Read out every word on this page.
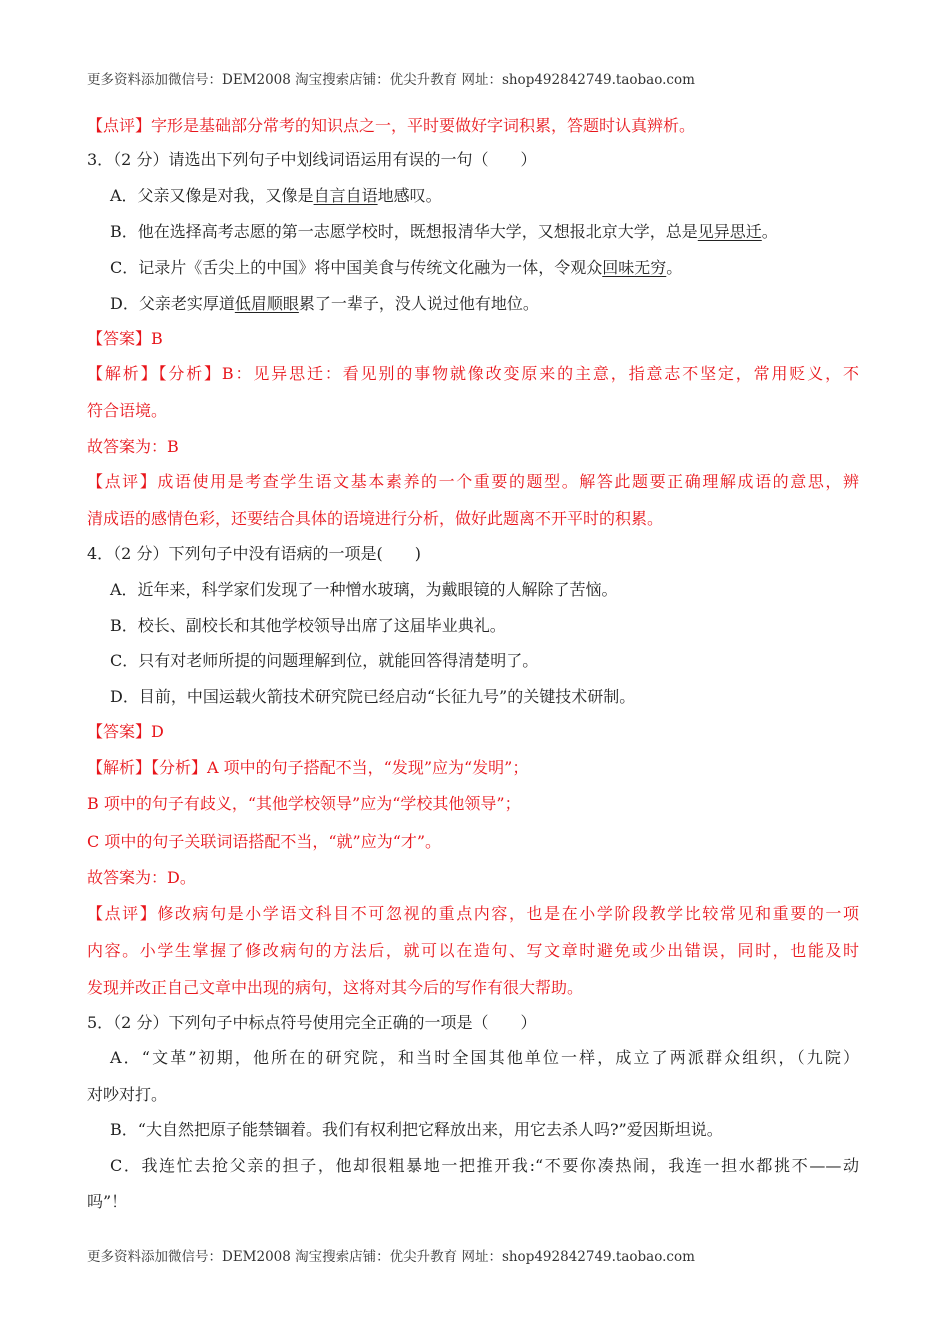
更多资料添加微信号：DEM2008 淘宝搜索店铺：优尖升教育 网址：shop492842749.taobao.com
【点评】字形是基础部分常考的知识点之一，平时要做好字词积累，答题时认真辨析。
3．（2 分）请选出下列句子中划线词语运用有误的一句（　　）
A．父亲又像是对我，又像是自言自语地感叹。
B．他在选择高考志愿的第一志愿学校时，既想报清华大学，又想报北京大学，总是见异思迁。
C．记录片《舌尖上的中国》将中国美食与传统文化融为一体，令观众回味无穷。
D．父亲老实厚道低眉顺眼累了一辈子，没人说过他有地位。
【答案】B
【解析】【分析】B：见异思迁：看见别的事物就像改变原来的主意，指意志不坚定，常用贬义，不
符合语境。
故答案为：B
【点评】成语使用是考查学生语文基本素养的一个重要的题型。解答此题要正确理解成语的意思，辨
清成语的感情色彩，还要结合具体的语境进行分析，做好此题离不开平时的积累。
4．（2 分）下列句子中没有语病的一项是(　　)
A．近年来，科学家们发现了一种憎水玻璃，为戴眼镜的人解除了苦恼。
B．校长、副校长和其他学校领导出席了这届毕业典礼。
C．只有对老师所提的问题理解到位，就能回答得清楚明了。
D．目前，中国运载火箭技术研究院已经启动“长征九号”的关键技术研制。
【答案】D
【解析】【分析】A 项中的句子搭配不当，“发现”应为“发明”；
B 项中的句子有歧义，“其他学校领导”应为“学校其他领导”；
C 项中的句子关联词语搭配不当，“就”应为“才”。
故答案为：D。
【点评】修改病句是小学语文科目不可忽视的重点内容，也是在小学阶段教学比较常见和重要的一项
内容。小学生掌握了修改病句的方法后，就可以在造句、写文章时避免或少出错误，同时，也能及时
发现并改正自己文章中出现的病句，这将对其今后的写作有很大帮助。
5．（2 分）下列句子中标点符号使用完全正确的一项是（　　）
A．“文革”初期，他所在的研究院，和当时全国其他单位一样，成立了两派群众组织，（九院）
对吵对打。
B．“大自然把原子能禁锢着。我们有权利把它释放出来，用它去杀人吗?”爱因斯坦说。
C．我连忙去抢父亲的担子，他却很粗暴地一把推开我:“不要你凑热闹，我连一担水都挑不——动
吗”！
更多资料添加微信号：DEM2008 淘宝搜索店铺：优尖升教育 网址：shop492842749.taobao.com
